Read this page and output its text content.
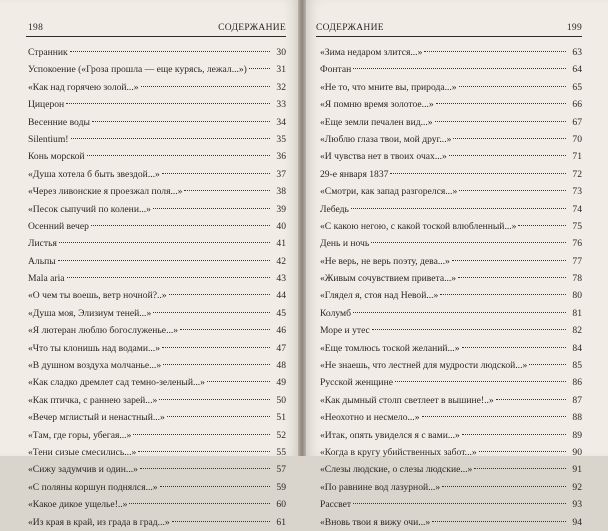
198	СОДЕРЖАНИЕ
Странник	30
Успокоение («Гроза прошла — еще курясь, лежал...»)	31
«Как над горячею золой...»	32
Цицерон	33
Весенние воды	34
Silentium!	35
Конь морской	36
«Душа хотела б быть звездой...»	37
«Через ливонские я проезжал поля...»	38
«Песок сыпучий по колени...»	39
Осенний вечер	40
Листья	41
Альпы	42
Mala aria	43
«О чем ты воешь, ветр ночной?..»	44
«Душа моя, Элизиум теней...»	45
«Я лютеран люблю богослуженье...»	46
«Что ты клонишь над водами...»	47
«В душном воздуха молчанье...»	48
«Как сладко дремлет сад темно-зеленый...»	49
«Как птичка, с раннею зарей...»	50
«Вечер мглистый и ненастный...»	51
«Там, где горы, убегая...»	52
«Тени сизые смесились...»	55
«Сижу задумчив и один...»	57
«С поляны коршун поднялся...»	59
«Какое дикое ущелье!..»	60
«Из края в край, из града в град...»	61
СОДЕРЖАНИЕ	199
«Зима недаром злится...»	63
Фонтан	64
«Не то, что мните вы, природа...»	65
«Я помню время золотое...»	66
«Еще земли печален вид...»	67
«Люблю глаза твои, мой друг...»	70
«И чувства нет в твоих очах...»	71
29-е января 1837	72
«Смотри, как запад разгорелся...»	73
Лебедь	74
«С какою негою, с какой тоской влюбленный...»	75
День и ночь	76
«Не верь, не верь поэту, дева...»	77
«Живым сочувствием привета...»	78
«Глядел я, стоя над Невой...»	80
Колумб	81
Море и утес	82
«Еще томлюсь тоской желаний...»	84
«Не знаешь, что лестней для мудрости людской...»	85
Русской женщине	86
«Как дымный столп светлеет в вышине!..»	87
«Неохотно и несмело...»	88
«Итак, опять увиделся я с вами...»	89
«Когда в кругу убийственных забот...»	90
«Слезы людские, о слезы людские...»	91
«По равнине вод лазурной...»	92
Рассвет	93
«Вновь твои я вижу очи...»	94
